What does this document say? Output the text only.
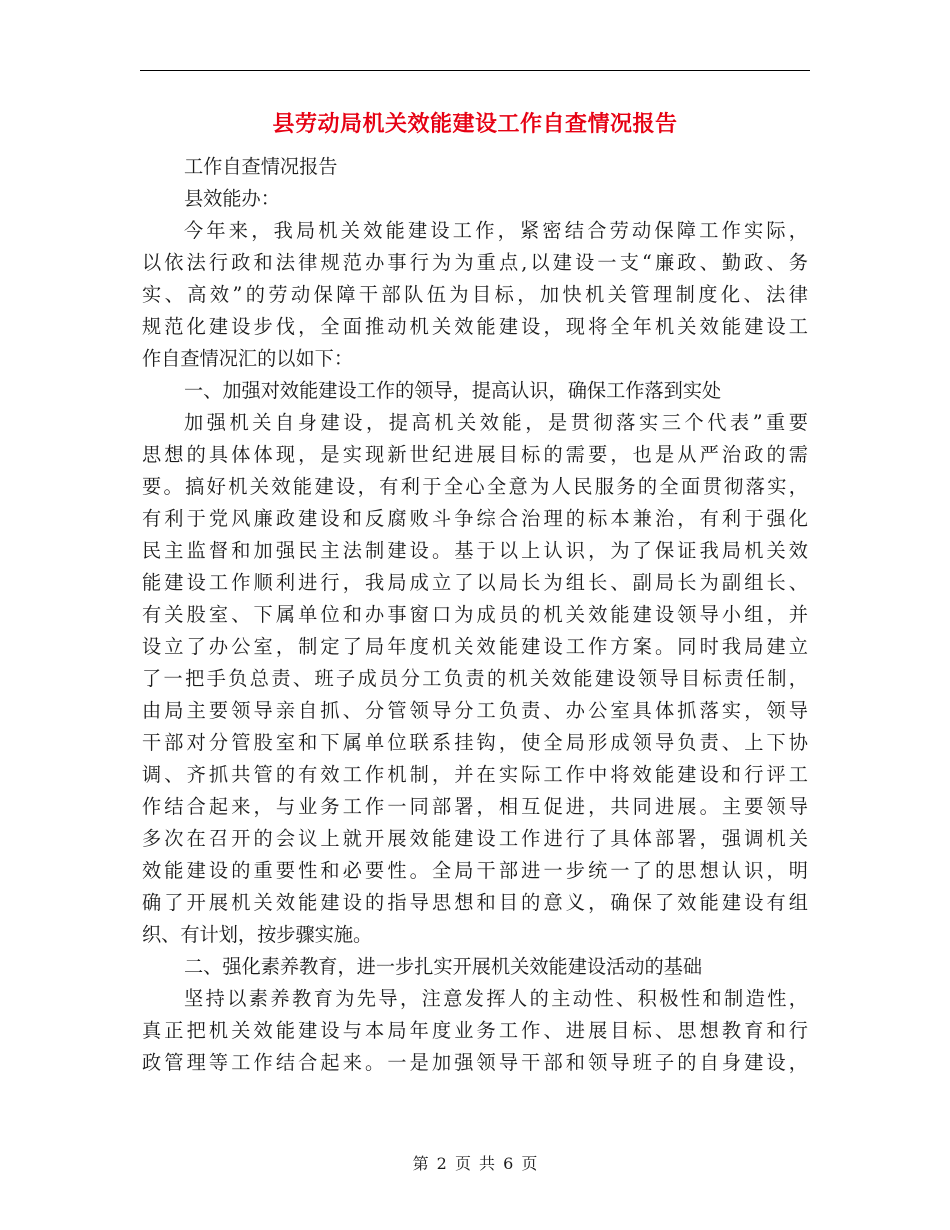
县劳动局机关效能建设工作自查情况报告
工作自查情况报告
县效能办：
今年来，我局机关效能建设工作，紧密结合劳动保障工作实际，
以依法行政和法律规范办事行为为重点,以建设一支“廉政、勤政、务
实、高效”的劳动保障干部队伍为目标，加快机关管理制度化、法律
规范化建设步伐，全面推动机关效能建设，现将全年机关效能建设工
作自查情况汇的以如下：
一、加强对效能建设工作的领导，提高认识，确保工作落到实处
加强机关自身建设，提高机关效能，是贯彻落实三个代表”重要
思想的具体体现，是实现新世纪进展目标的需要，也是从严治政的需
要。搞好机关效能建设，有利于全心全意为人民服务的全面贯彻落实，
有利于党风廉政建设和反腐败斗争综合治理的标本兼治，有利于强化
民主监督和加强民主法制建设。基于以上认识，为了保证我局机关效
能建设工作顺利进行，我局成立了以局长为组长、副局长为副组长、
有关股室、下属单位和办事窗口为成员的机关效能建设领导小组，并
设立了办公室，制定了局年度机关效能建设工作方案。同时我局建立
了一把手负总责、班子成员分工负责的机关效能建设领导目标责任制，
由局主要领导亲自抓、分管领导分工负责、办公室具体抓落实，领导
干部对分管股室和下属单位联系挂钩，使全局形成领导负责、上下协
调、齐抓共管的有效工作机制，并在实际工作中将效能建设和行评工
作结合起来，与业务工作一同部署，相互促进，共同进展。主要领导
多次在召开的会议上就开展效能建设工作进行了具体部署，强调机关
效能建设的重要性和必要性。全局干部进一步统一了的思想认识，明
确了开展机关效能建设的指导思想和目的意义，确保了效能建设有组
织、有计划，按步骤实施。
二、强化素养教育，进一步扎实开展机关效能建设活动的基础
坚持以素养教育为先导，注意发挥人的主动性、积极性和制造性，
真正把机关效能建设与本局年度业务工作、进展目标、思想教育和行
政管理等工作结合起来。一是加强领导干部和领导班子的自身建设，
第 2 页 共 6 页
